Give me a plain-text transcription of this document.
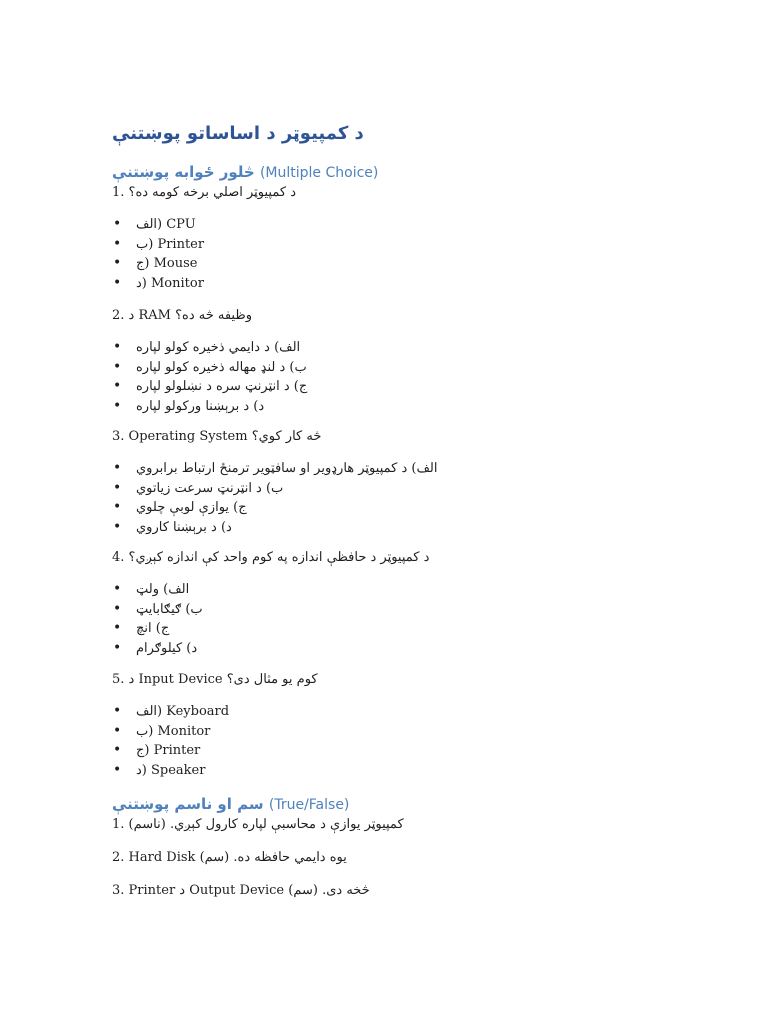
د کمپیوټر د اساساتو پوښتنې
څلور ځوابه پوښتنې (Multiple Choice)
1. د کمپیوټر اصلي برخه کومه ده؟
• الف) CPU
• ب) Printer
• ج) Mouse
• د) Monitor
2. د RAM وظیفه څه ده؟
• الف) د دایمي ذخیره کولو لپاره
• ب) د لنډ مهاله ذخیره کولو لپاره
• ج) د انټرنټ سره د نښلولو لپاره
• د) د برېښنا ورکولو لپاره
3. Operating System څه کار کوي؟
• الف) د کمپیوټر هارډویر او سافټویر ترمنځ ارتباط برابروي
• ب) د انټرنټ سرعت زیاتوي
• ج) یوازې لوبې چلوي
• د) د برېښنا کاروي
4. د کمپیوټر د حافظې اندازه په کوم واحد کې اندازه کېږي؟
• الف) ولټ
• ب) ګیګابایټ
• ج) انچ
• د) کیلوګرام
5. د Input Device کوم یو مثال دی؟
• الف) Keyboard
• ب) Monitor
• ج) Printer
• د) Speaker
سم او ناسم پوښتنې (True/False)
1. کمپیوټر یوازې د محاسبې لپاره کارول کېږي. (ناسم)
2. Hard Disk یوه دایمي حافظه ده. (سم)
3. Printer د Output Device څخه دی. (سم)
